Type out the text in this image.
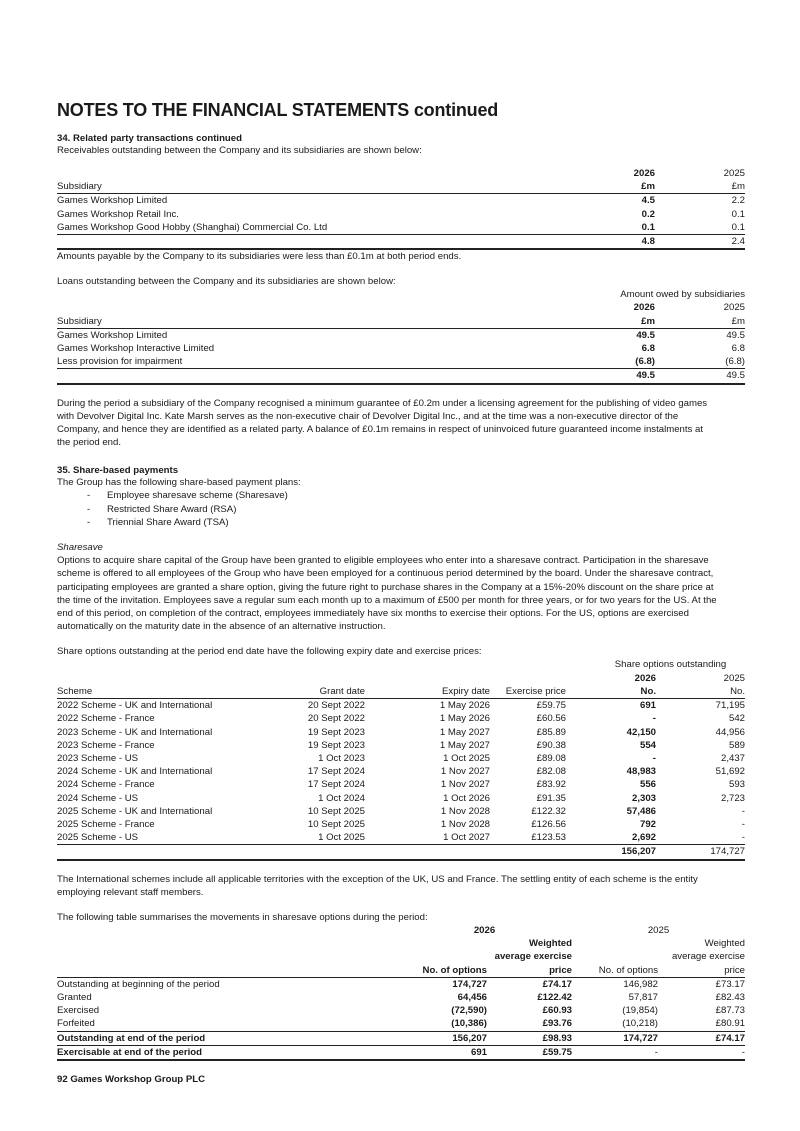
NOTES TO THE FINANCIAL STATEMENTS continued
34. Related party transactions continued
Receivables outstanding between the Company and its subsidiaries are shown below:
	2026	2025
Subsidiary	£m	£m
Games Workshop Limited	4.5	2.2
Games Workshop Retail Inc.	0.2	0.1
Games Workshop Good Hobby (Shanghai) Commercial Co. Ltd	0.1	0.1
	4.8	2.4
Amounts payable by the Company to its subsidiaries were less than £0.1m at both period ends.
Loans outstanding between the Company and its subsidiaries are shown below:
	Amount owed by subsidiaries	
	2026	2025
Subsidiary	£m	£m
Games Workshop Limited	49.5	49.5
Games Workshop Interactive Limited	6.8	6.8
Less provision for impairment	(6.8)	(6.8)
	49.5	49.5
During the period a subsidiary of the Company recognised a minimum guarantee of £0.2m under a licensing agreement for the publishing of video games
with Devolver Digital Inc. Kate Marsh serves as the non-executive chair of Devolver Digital Inc., and at the time was a non-executive director of the
Company, and hence they are identified as a related party. A balance of £0.1m remains in respect of uninvoiced future guaranteed income instalments at
the period end.
35. Share-based payments
The Group has the following share-based payment plans:
- Employee sharesave scheme (Sharesave)
- Restricted Share Award (RSA)
- Triennial Share Award (TSA)
Sharesave
Options to acquire share capital of the Group have been granted to eligible employees who enter into a sharesave contract. Participation in the sharesave
scheme is offered to all employees of the Group who have been employed for a continuous period determined by the board. Under the sharesave contract,
participating employees are granted a share option, giving the future right to purchase shares in the Company at a 15%-20% discount on the share price at
the time of the invitation. Employees save a regular sum each month up to a maximum of £500 per month for three years, or for two years for the US. At the
end of this period, on completion of the contract, employees immediately have six months to exercise their options. For the US, options are exercised
automatically on the maturity date in the absence of an alternative instruction.
Share options outstanding at the period end date have the following expiry date and exercise prices:
				Share options outstanding	
				2026	2025
Scheme	Grant date	Expiry date	Exercise price	No.	No.
2022 Scheme - UK and International	20 Sept 2022	1 May 2026	£59.75	691	71,195
2022 Scheme - France	20 Sept 2022	1 May 2026	£60.56	-	542
2023 Scheme - UK and International	19 Sept 2023	1 May 2027	£85.89	42,150	44,956
2023 Scheme - France	19 Sept 2023	1 May 2027	£90.38	554	589
2023 Scheme - US	1 Oct 2023	1 Oct 2025	£89.08	-	2,437
2024 Scheme - UK and International	17 Sept 2024	1 Nov 2027	£82.08	48,983	51,692
2024 Scheme - France	17 Sept 2024	1 Nov 2027	£83.92	556	593
2024 Scheme - US	1 Oct 2024	1 Oct 2026	£91.35	2,303	2,723
2025 Scheme - UK and International	10 Sept 2025	1 Nov 2028	£122.32	57,486	-
2025 Scheme - France	10 Sept 2025	1 Nov 2028	£126.56	792	-
2025 Scheme - US	1 Oct 2025	1 Oct 2027	£123.53	2,692	-
				156,207	174,727
The International schemes include all applicable territories with the exception of the UK, US and France. The settling entity of each scheme is the entity
employing relevant staff members.
The following table summarises the movements in sharesave options during the period:
	2026		2025	
		Weighted		Weighted
		average exercise		average exercise
	No. of options	price	No. of options	price
Outstanding at beginning of the period	174,727	£74.17	146,982	£73.17
Granted	64,456	£122.42	57,817	£82.43
Exercised	(72,590)	£60.93	(19,854)	£87.73
Forfeited	(10,386)	£93.76	(10,218)	£80.91
Outstanding at end of the period	156,207	£98.93	174,727	£74.17
Exercisable at end of the period	691	£59.75	-	-
92 Games Workshop Group PLC
